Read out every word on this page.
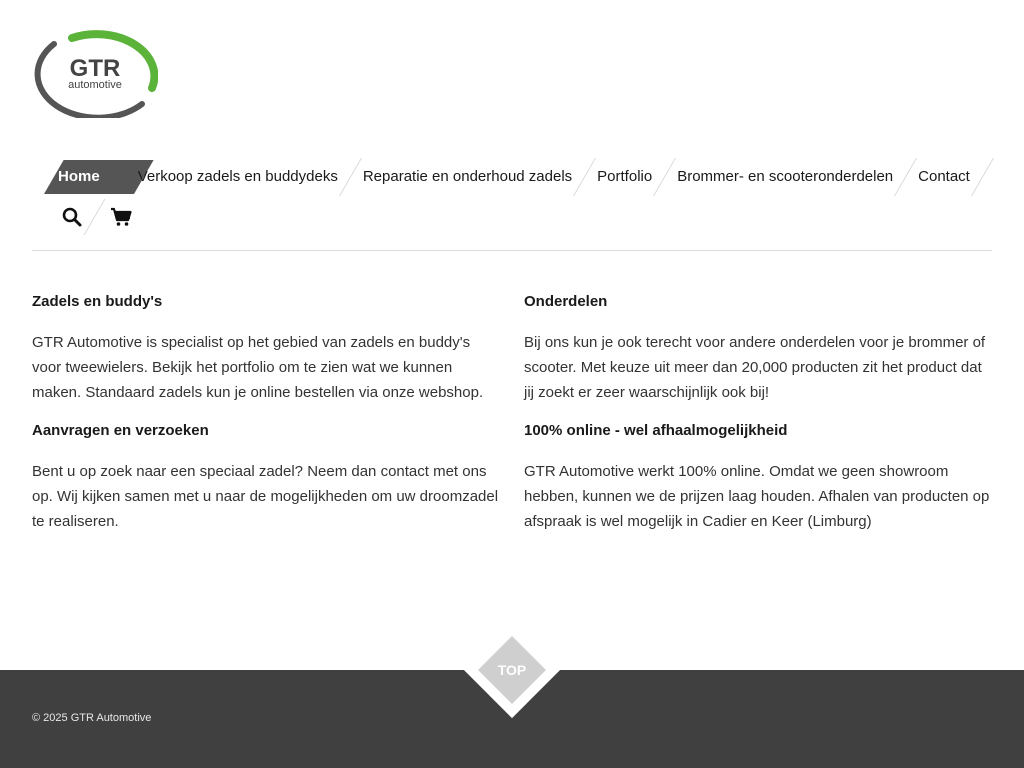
GTR
automotive
Home	Verkoop zadels en buddydeks	Reparatie en onderhoud zadels	Portfolio	Brommer- en scooteronderdelen	Contact
Zadels en buddy's

GTR Automotive is specialist op het gebied van zadels en buddy's voor tweewielers. Bekijk het portfolio om te zien wat we kunnen maken. Standaard zadels kun je online bestellen via onze webshop.

Aanvragen en verzoeken

Bent u op zoek naar een speciaal zadel? Neem dan contact met ons op. Wij kijken samen met u naar de mogelijkheden om uw droomzadel te realiseren.

Onderdelen

Bij ons kun je ook terecht voor andere onderdelen voor je brommer of scooter. Met keuze uit meer dan 20,000 producten zit het product dat jij zoekt er zeer waarschijnlijk ook bij!

100% online - wel afhaalmogelijkheid

GTR Automotive werkt 100% online. Omdat we geen showroom hebben, kunnen we de prijzen laag houden. Afhalen van producten op afspraak is wel mogelijk in Cadier en Keer (Limburg)

© 2025 GTR Automotive
TOP
